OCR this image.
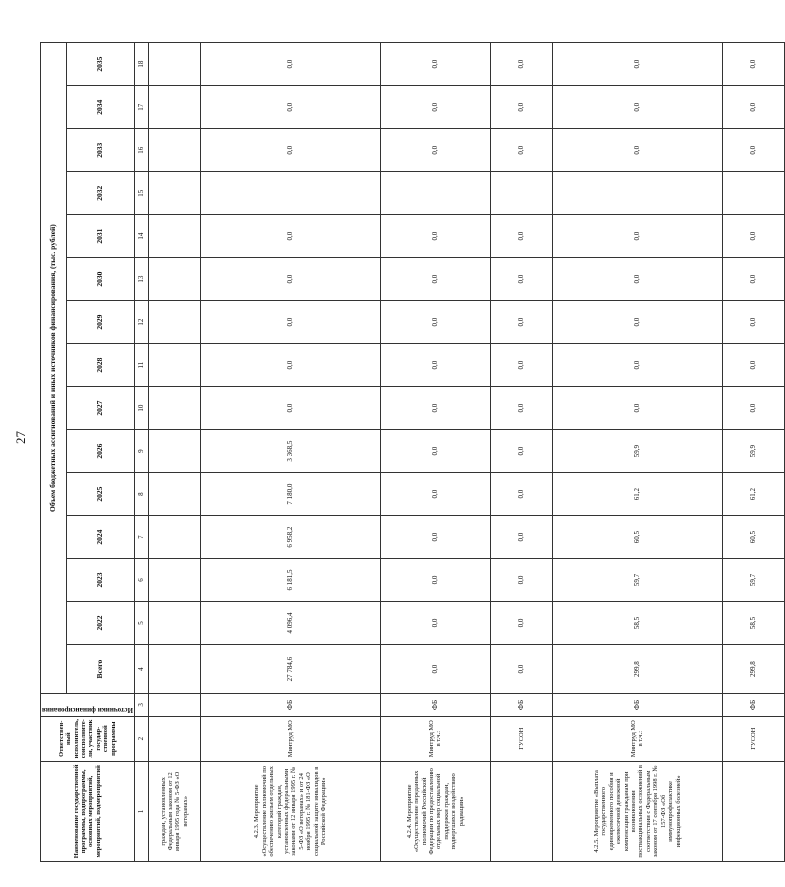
27
Наименование государственной программы, подпрограммы, основных мероприятий, мероприятий, подмероприятий	Ответствен-ный исполнитель, соисполните-ли, участник государ-ственной программы	Источники финансирования	Объем бюджетных ассигнований и иных источников финансирования, (тыс. рублей)														
			Всего	2022	2023	2024	2025	2026	2027	2028	2029	2030	2031	2032	2033	2034	2035
1	2	3	4	5	6	7	8	9	10	11	12	13	14	15	16	17	18
граждан, установленных Федеральным законом от 12 января 1995 года № 5-ФЗ «О ветеранах»																	
4.2.3. Мероприятие «Осуществление полномочий по обеспечению жильем отдельных категорий граждан, установленных федеральными законами от 12 января 1995 г. № 5-ФЗ «О ветеранах» и от 24 ноября 1995 г. № 181-ФЗ «О социальной защите инвалидов в Российской Федерации»	Минтруд МО	ФБ	27 784,6	4 096,4	6 181,5	6 958,2	7 180,0	3 368,5	0,0	0,0	0,0	0,0	0,0		0,0	0,0	0,0
4.2.4. Мероприятие «Осуществление переданных полномочий Российской Федерации по предоставлению отдельных мер социальной поддержки граждан, подвергшихся воздействию радиации»	Минтруд МО в т.ч.:	ФБ	0,0	0,0	0,0	0,0	0,0	0,0	0,0	0,0	0,0	0,0	0,0		0,0	0,0	0,0
	ГУСОН	ФБ	0,0	0,0	0,0	0,0	0,0	0,0	0,0	0,0	0,0	0,0	0,0		0,0	0,0	0,0
4.2.5. Мероприятие «Выплата государственного единовременного пособия и ежемесячной денежной компенсации гражданам при возникновении поствакцинальных осложнений в соответствии с Федеральным законом от 17 сентября 1998 г. № 157-ФЗ «Об иммунопрофилактике инфекционных болезней»	Минтруд МО в т.ч.:	ФБ	299,8	58,5	59,7	60,5	61,2	59,9	0,0	0,0	0,0	0,0	0,0		0,0	0,0	0,0
	ГУСОН	ФБ	299,8	58,5	59,7	60,5	61,2	59,9	0,0	0,0	0,0	0,0	0,0		0,0	0,0	0,0
